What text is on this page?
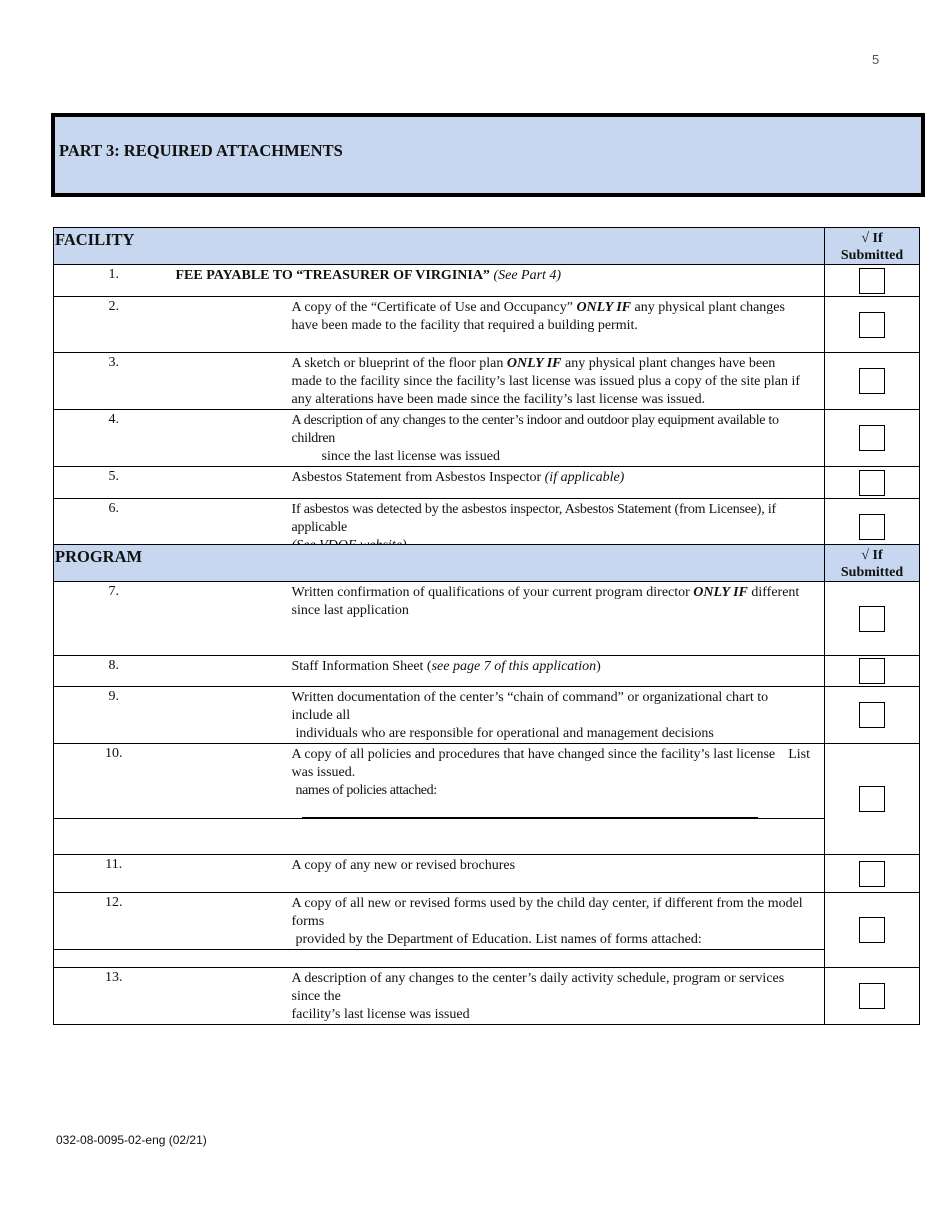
5
PART 3: REQUIRED ATTACHMENTS
FACILITY		√ If
Submitted

1.	FEE PAYABLE TO “TREASURER OF VIRGINIA” (See Part 4)	
2.	A copy of the “Certificate of Use and Occupancy” ONLY IF any physical plant changes have been made to the facility that required a building permit.	
3.	A sketch or blueprint of the floor plan ONLY IF any physical plant changes have been made to the facility since the facility’s last license was issued plus a copy of the site plan if any alterations have been made since the facility’s last license was issued.	
4.	A description of any changes to the center’s indoor and outdoor play equipment available to children
since the last license was issued	

5.	Asbestos Statement from Asbestos Inspector (if applicable)	
6.	If asbestos was detected by the asbestos inspector, Asbestos Statement (from Licensee), if applicable	

PROGRAM		√ If
Submitted

7.	Written confirmation of qualifications of your current program director ONLY IF different since last application	
8.	Staff Information Sheet (see page 7 of this application)	
9.	Written documentation of the center’s “chain of command” or organizational chart to include all
individuals who are responsible for operational and management decisions	

10.	A copy of all policies and procedures that have changed since the facility’s last license was issued.
List
names of policies attached:	

11.	A copy of any new or revised brochures	
12.	A copy of all new or revised forms used by the child day center, if different from the model forms
provided by the Department of Education. List names of forms attached:	

13.	A description of any changes to the center’s daily activity schedule, program or services since the
facility’s last license was issued	

032-08-0095-02-eng (02/21)
